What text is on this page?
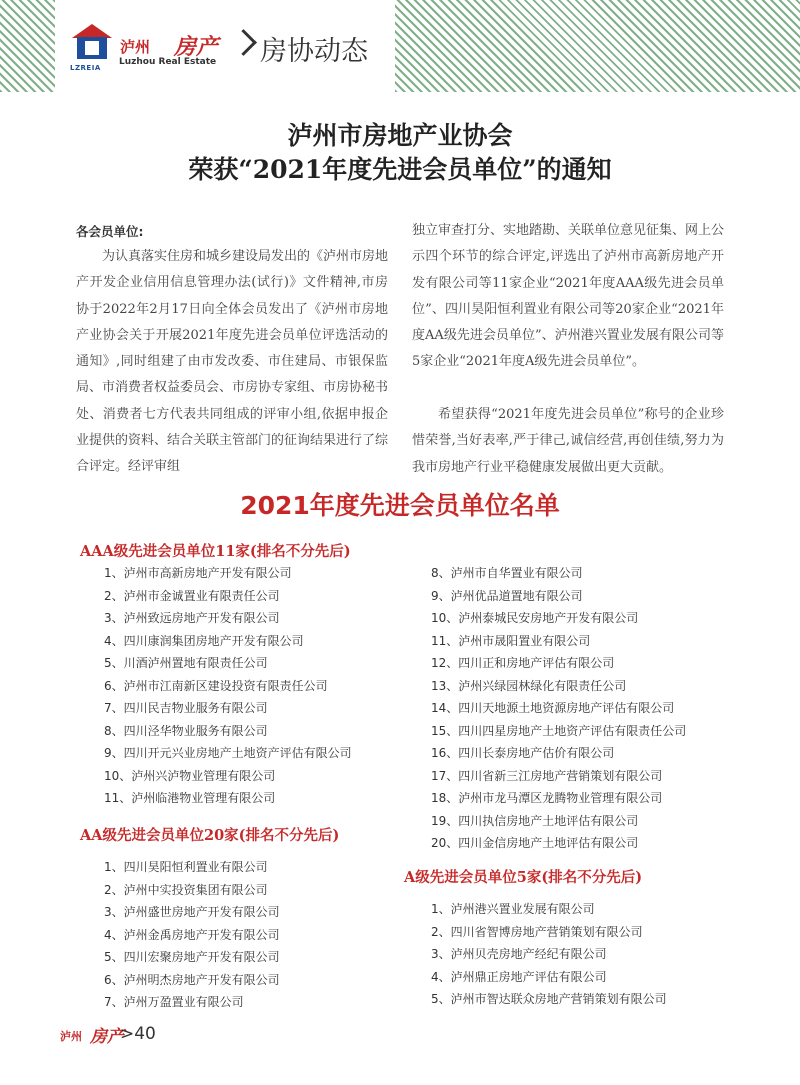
LZREIA
泸州 房产
Luzhou Real Estate 房协动态
泸州市房地产业协会
荣获“2021年度先进会员单位”的通知
各会员单位:

为认真落实住房和城乡建设局发出的《泸州市房地产开发企业信用信息管理办法(试行)》文件精神,市房协于2022年2月17日向全体会员发出了《泸州市房地产业协会关于开展2021年度先进会员单位评选活动的通知》,同时组建了由市发改委、市住建局、市银保监局、市消费者权益委员会、市房协专家组、市房协秘书处、消费者七方代表共同组成的评审小组,依据申报企业提供的资料、结合关联主管部门的征询结果进行了综合评定。经评审组

独立审查打分、实地踏勘、关联单位意见征集、网上公示四个环节的综合评定,评选出了泸州市高新房地产开发有限公司等11家企业“2021年度AAA级先进会员单位”、四川昊阳恒利置业有限公司等20家企业“2021年度AA级先进会员单位”、泸州港兴置业发展有限公司等5家企业“2021年度A级先进会员单位”。

希望获得“2021年度先进会员单位”称号的企业珍惜荣誉,当好表率,严于律己,诚信经营,再创佳绩,努力为我市房地产行业平稳健康发展做出更大贡献。

2021年度先进会员单位名单
AAA级先进会员单位11家(排名不分先后)
AA级先进会员单位20家(排名不分先后)
A级先进会员单位5家(排名不分先后)
1、泸州市高新房地产开发有限公司
2、泸州市金诚置业有限责任公司
3、泸州致远房地产开发有限公司
4、四川康润集团房地产开发有限公司
5、川酒泸州置地有限责任公司
6、泸州市江南新区建设投资有限责任公司
7、四川民吉物业服务有限公司
8、四川泾华物业服务有限公司
9、四川开元兴业房地产土地资产评估有限公司
10、泸州兴泸物业管理有限公司
11、泸州临港物业管理有限公司
8、泸州市自华置业有限公司
9、泸州优品道置地有限公司
10、泸州泰城民安房地产开发有限公司
11、泸州市晟阳置业有限公司
12、四川正和房地产评估有限公司
13、泸州兴绿园林绿化有限责任公司
14、四川天地源土地资源房地产评估有限公司
15、四川四星房地产土地资产评估有限责任公司
16、四川长泰房地产估价有限公司
17、四川省新三江房地产营销策划有限公司
18、泸州市龙马潭区龙腾物业管理有限公司
19、四川执信房地产土地评估有限公司
20、四川金信房地产土地评估有限公司
1、四川昊阳恒利置业有限公司
2、泸州中实投资集团有限公司
3、泸州盛世房地产开发有限公司
4、泸州金禹房地产开发有限公司
5、四川宏聚房地产开发有限公司
6、泸州明杰房地产开发有限公司
7、泸州万盈置业有限公司
1、泸州港兴置业发展有限公司
2、四川省智博房地产营销策划有限公司
3、泸州贝壳房地产经纪有限公司
4、泸州鼎正房地产评估有限公司
5、泸州市智达联众房地产营销策划有限公司
泸州 房产
>40
